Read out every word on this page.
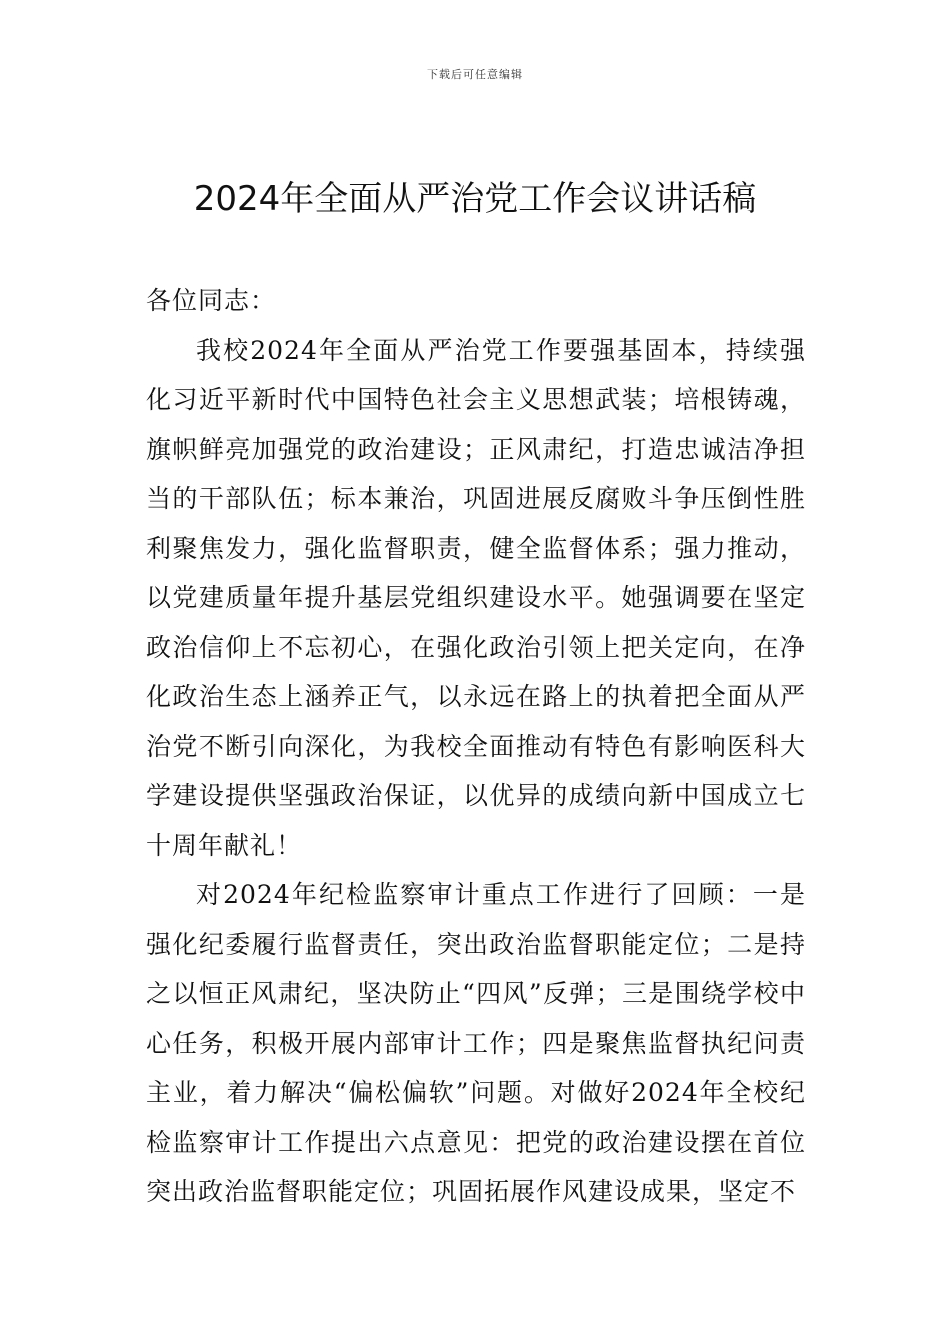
下载后可任意编辑
2024年全面从严治党工作会议讲话稿

各位同志：

我校2024年全面从严治党工作要强基固本，持续强化习近平新时代中国特色社会主义思想武装；培根铸魂，旗帜鲜亮加强党的政治建设；正风肃纪，打造忠诚洁净担当的干部队伍；标本兼治，巩固进展反腐败斗争压倒性胜利聚焦发力，强化监督职责，健全监督体系；强力推动，以党建质量年提升基层党组织建设水平。她强调要在坚定政治信仰上不忘初心，在强化政治引领上把关定向，在净化政治生态上涵养正气，以永远在路上的执着把全面从严治党不断引向深化，为我校全面推动有特色有影响医科大学建设提供坚强政治保证，以优异的成绩向新中国成立七十周年献礼！

对2024年纪检监察审计重点工作进行了回顾：一是强化纪委履行监督责任，突出政治监督职能定位；二是持之以恒正风肃纪，坚决防止“四风”反弹；三是围绕学校中心任务，积极开展内部审计工作；四是聚焦监督执纪问责主业，着力解决“偏松偏软”问题。对做好2024年全校纪检监察审计工作提出六点意见：把党的政治建设摆在首位突出政治监督职能定位；巩固拓展作风建设成果，坚定不
